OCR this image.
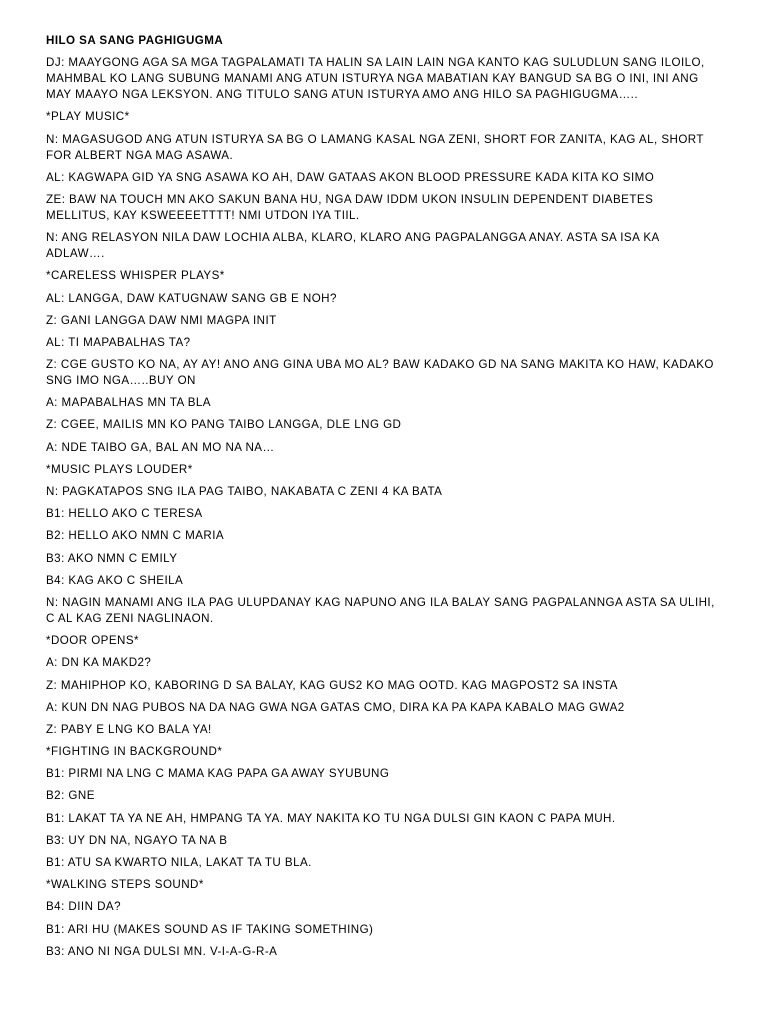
HILO SA SANG PAGHIGUGMA

DJ: MAAYGONG AGA SA MGA TAGPALAMATI TA HALIN SA LAIN LAIN NGA KANTO KAG SULUDLUN SANG ILOILO, MAHMBAL KO LANG SUBUNG MANAMI ANG ATUN ISTURYA NGA MABATIAN KAY BANGUD SA BG O INI, INI ANG MAY MAAYO NGA LEKSYON. ANG TITULO SANG ATUN ISTURYA AMO ANG HILO SA PAGHIGUGMA…..

*PLAY MUSIC*

N: MAGASUGOD ANG ATUN ISTURYA SA BG O LAMANG KASAL NGA ZENI, SHORT FOR ZANITA, KAG AL, SHORT FOR ALBERT NGA MAG ASAWA.

AL: KAGWAPA GID YA SNG ASAWA KO AH, DAW GATAAS AKON BLOOD PRESSURE KADA KITA KO SIMO

ZE: BAW NA TOUCH MN AKO SAKUN BANA HU, NGA DAW IDDM UKON INSULIN DEPENDENT DIABETES MELLITUS, KAY KSWEEEETTTT! NMI UTDON IYA TIIL.

N: ANG RELASYON NILA DAW LOCHIA ALBA, KLARO, KLARO ANG PAGPALANGGA ANAY. ASTA SA ISA KA ADLAW….

*CARELESS WHISPER PLAYS*

AL: LANGGA, DAW KATUGNAW SANG GB E NOH?

Z: GANI LANGGA DAW NMI MAGPA INIT

AL: TI MAPABALHAS TA?

Z: CGE GUSTO KO NA, AY AY! ANO ANG GINA UBA MO AL? BAW KADAKO GD NA SANG MAKITA KO HAW, KADAKO SNG IMO NGA…..BUY ON

A: MAPABALHAS MN TA BLA

Z: CGEE, MAILIS MN KO PANG TAIBO LANGGA, DLE LNG GD

A: NDE TAIBO GA, BAL AN MO NA NA…

*MUSIC PLAYS LOUDER*

N: PAGKATAPOS SNG ILA PAG TAIBO, NAKABATA C ZENI 4 KA BATA

B1: HELLO AKO C TERESA

B2: HELLO AKO NMN C MARIA

B3: AKO NMN C EMILY

B4: KAG AKO C SHEILA

N: NAGIN MANAMI ANG ILA PAG ULUPDANAY KAG NAPUNO ANG ILA BALAY SANG PAGPALANNGA ASTA SA ULIHI, C AL KAG ZENI NAGLINAON.

*DOOR OPENS*

A: DN KA MAKD2?

Z: MAHIPHOP KO, KABORING D SA BALAY, KAG GUS2 KO MAG OOTD. KAG MAGPOST2 SA INSTA

A: KUN DN NAG PUBOS NA DA NAG GWA NGA GATAS CMO, DIRA KA PA KAPA KABALO MAG GWA2

Z: PABY E LNG KO BALA YA!

*FIGHTING IN BACKGROUND*

B1: PIRMI NA LNG C MAMA KAG PAPA GA AWAY SYUBUNG

B2: GNE

B1: LAKAT TA YA NE AH, HMPANG TA YA. MAY NAKITA KO TU NGA DULSI GIN KAON C PAPA MUH.

B3: UY DN NA, NGAYO TA NA B

B1: ATU SA KWARTO NILA, LAKAT TA TU BLA.

*WALKING STEPS SOUND*

B4: DIIN DA?

B1: ARI HU (MAKES SOUND AS IF TAKING SOMETHING)

B3: ANO NI NGA DULSI MN. V-I-A-G-R-A
